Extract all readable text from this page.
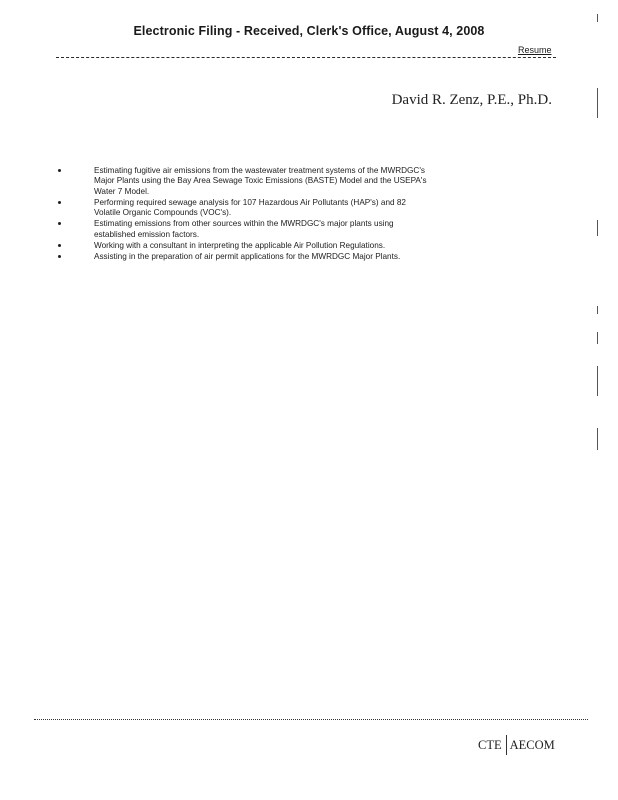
Electronic Filing - Received, Clerk's Office, August 4, 2008
Resume
David R. Zenz, P.E., Ph.D.
Estimating fugitive air emissions from the wastewater treatment systems of the MWRDGC's Major Plants using the Bay Area Sewage Toxic Emissions (BASTE) Model and the USEPA's Water 7 Model.
Performing required sewage analysis for 107 Hazardous Air Pollutants (HAP's) and 82 Volatile Organic Compounds (VOC's).
Estimating emissions from other sources within the MWRDGC's major plants using established emission factors.
Working with a consultant in interpreting the applicable Air Pollution Regulations.
Assisting in the preparation of air permit applications for the MWRDGC Major Plants.
CTE AECOM
